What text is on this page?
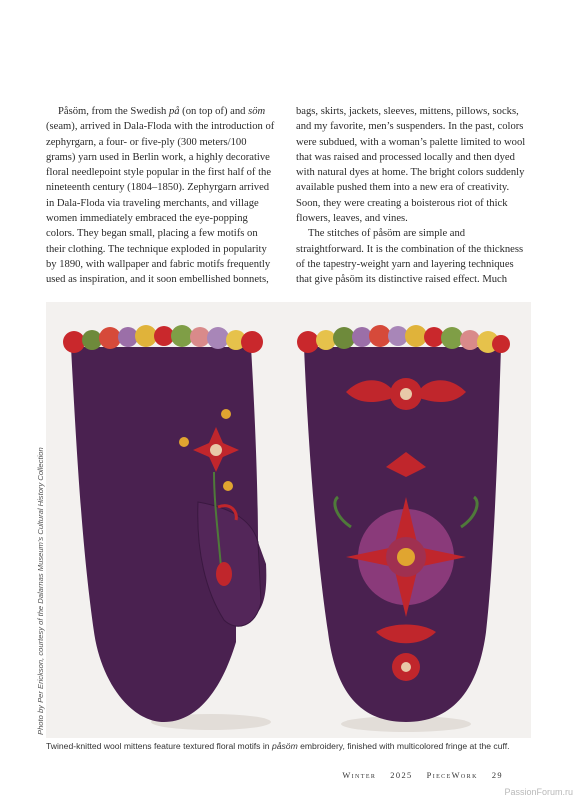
Påsöm, from the Swedish på (on top of) and söm (seam), arrived in Dala-Floda with the introduction of zephyrgarn, a four- or five-ply (300 meters/100 grams) yarn used in Berlin work, a highly decorative floral needlepoint style popular in the first half of the nineteenth century (1804–1850). Zephyrgarn arrived in Dala-Floda via traveling merchants, and village women immediately embraced the eye-popping colors. They began small, placing a few motifs on their clothing. The technique exploded in popularity by 1890, with wallpaper and fabric motifs frequently used as inspiration, and it soon embellished bonnets,

bags, skirts, jackets, sleeves, mittens, pillows, socks, and my favorite, men’s suspenders. In the past, colors were subdued, with a woman’s palette limited to wool that was raised and processed locally and then dyed with natural dyes at home. The bright colors suddenly available pushed them into a new era of creativity. Soon, they were creating a boisterous riot of thick flowers, leaves, and vines.

The stitches of påsöm are simple and straightforward. It is the combination of the thickness of the tapestry-weight yarn and layering techniques that give påsöm its distinctive raised effect. Much

Photo by Per Erickson, courtesy of the Dalarnas Museum’s Cultural History Collection
Twined-knitted wool mittens feature textured floral motifs in påsöm embroidery, finished with multicolored fringe at the cuff.
Winter 2025 PieceWork 29
PassionForum.ru
